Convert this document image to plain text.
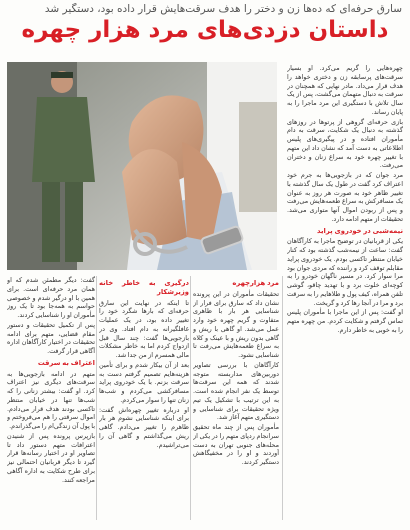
سارق حرفه‌ای که ده‌ها زن و دختر را هدف سرقت‌هایش قرار داده بود، دستگیر شد
داستان دزدی‌های مرد هزار چهره

چهره‌هایی را گریم می‌کرد. او بسیار سرقت‌های پرسابقه زن و دختری خواهد را هدف قرار می‌داد. مادر نهایی که همچنان در سرقت به دنبال متهمان می‌گشت، پس از یک سال تلاش با دستگیری این مرد ماجرا را به پایان رساند.

بازی حرفه‌ای گروهی از پرتوها در روزهای گذشته به دنبال یک شکایت، سرقت به دام مأموران افتاده و در پیگیری‌های پلیس اطلاعاتی به دست آمد که نشان داد این متهم با تغییر چهره خود به سراغ زنان و دختران می‌رفت.

مرد جوان که در بازجویی‌ها به جرم خود اعتراف کرد گفت در طول یک سال گذشته با تغییر ظاهر خود به صورت هر روز به عنوان یک مسافرکش به سراغ طعمه‌هایش می‌رفت و پس از ربودن اموال آنها متواری می‌شد. تحقیقات از متهم ادامه دارد.

نیمه‌شبی در خودروی پراید

یکی از قربانیان در توضیح ماجرا به کارآگاهان گفت: ساعت از نیمه‌شب گذشته بود که کنار خیابان منتظر تاکسی بودم. یک خودروی پراید مقابلم توقف کرد و راننده که مردی جوان بود مرا سوار کرد. در مسیر ناگهان خودرو را به کوچه‌ای خلوت برد و با تهدید چاقو، گوشی تلفن همراه، کیف پول و طلاهایم را به سرقت برد و مرا در آنجا رها کرد و گریخت.

او گفت: پس از این ماجرا با مأموران پلیس تماس گرفتم و شکایت کردم. من چهره متهم را به خوبی به خاطر دارم.

مرد هزارچهره

تحقیقات مأموران در این پرونده نشان داد که سارق برای فرار از شناسایی هر بار با ظاهری متفاوت و گریم چهره خود وارد عمل می‌شد. او گاهی با ریش و گاهی بدون ریش و با عینک و کلاه به سراغ طعمه‌هایش می‌رفت تا شناسایی نشود.

کارآگاهان با بررسی تصاویر دوربین‌های مداربسته متوجه شدند که همه این سرقت‌ها توسط یک نفر انجام شده است. به این ترتیب با تشکیل یک تیم ویژه تحقیقات برای شناسایی و دستگیری متهم آغاز شد.

مأموران پس از چند ماه تحقیق سرانجام ردپای متهم را در یکی از محله‌های جنوبی تهران به دست آوردند و او را در مخفیگاهش دستگیر کردند.

درگیری به خاطر خانه وزیرشکار

تا اینکه در نهایت این سارق حرفه‌ای که بارها شگرد خود را تغییر داده بود، در یک عملیات غافلگیرانه به دام افتاد. وی در بازجویی‌ها گفت: چند سال قبل ازدواج کردم اما به خاطر مشکلات مالی همسرم از من جدا شد.

بعد از آن بیکار شدم و برای تأمین هزینه‌هایم تصمیم گرفتم دست به سرقت بزنم. با یک خودروی پراید مسافرکشی می‌کردم و شب‌ها زنان تنها را سوار می‌کردم.

او درباره تغییر چهره‌اش گفت: برای اینکه شناسایی نشوم هر بار ظاهرم را تغییر می‌دادم. گاهی ریش می‌گذاشتم و گاهی آن را می‌تراشیدم.

گفت: دیگر مطمئن شدم که او همان مرد حرفه‌ای است. برای همین با او درگیر شدم و خصوصی حواسم به همه‌جا بود تا یک روز مأموران او را شناسایی کردند.

پس از تکمیل تحقیقات و دستور مقام قضایی، متهم برای ادامه تحقیقات در اختیار کارآگاهان اداره آگاهی قرار گرفت.

اعتراف به سرقت

متهم در ادامه بازجویی‌ها به سرقت‌های دیگری نیز اعتراف کرد. او گفت: بیشتر زنانی را که شب‌ها تنها در خیابان منتظر تاکسی بودند هدف قرار می‌دادم. اموال سرقتی را هم می‌فروختم و با پول آن زندگی‌ام را می‌گذراندم.

بازپرس پرونده پس از شنیدن اعترافات متهم دستور داد تا تصاویر او در اختیار رسانه‌ها قرار گیرد تا دیگر قربانیان احتمالی نیز برای طرح شکایت به اداره آگاهی مراجعه کنند.
